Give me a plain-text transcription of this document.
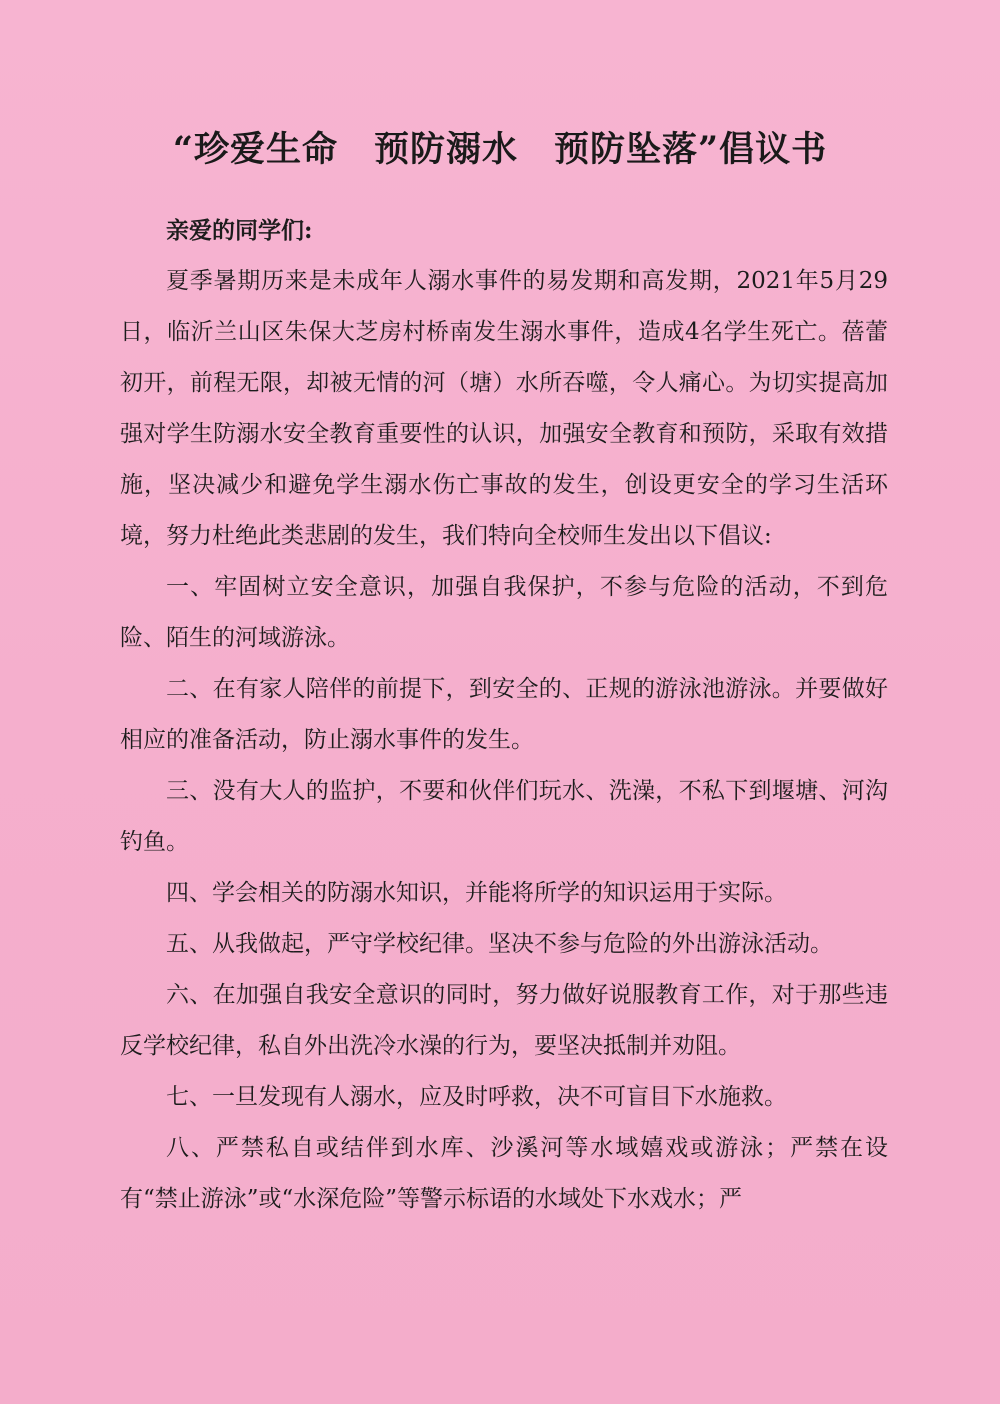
“珍爱生命　预防溺水　预防坠落”倡议书

亲爱的同学们:

夏季暑期历来是未成年人溺水事件的易发期和高发期，2021年5月29日，临沂兰山区朱保大芝房村桥南发生溺水事件，造成4名学生死亡。蓓蕾初开，前程无限，却被无情的河（塘）水所吞噬，令人痛心。为切实提高加强对学生防溺水安全教育重要性的认识，加强安全教育和预防，采取有效措施，坚决减少和避免学生溺水伤亡事故的发生，创设更安全的学习生活环境，努力杜绝此类悲剧的发生，我们特向全校师生发出以下倡议:

一、牢固树立安全意识，加强自我保护，不参与危险的活动，不到危险、陌生的河域游泳。

二、在有家人陪伴的前提下，到安全的、正规的游泳池游泳。并要做好相应的准备活动，防止溺水事件的发生。

三、没有大人的监护，不要和伙伴们玩水、洗澡，不私下到堰塘、河沟钓鱼。

四、学会相关的防溺水知识，并能将所学的知识运用于实际。

五、从我做起，严守学校纪律。坚决不参与危险的外出游泳活动。

六、在加强自我安全意识的同时，努力做好说服教育工作，对于那些违反学校纪律，私自外出洗冷水澡的行为，要坚决抵制并劝阻。

七、一旦发现有人溺水，应及时呼救，决不可盲目下水施救。

八、严禁私自或结伴到水库、沙溪河等水域嬉戏或游泳；严禁在设有“禁止游泳”或“水深危险”等警示标语的水域处下水戏水；严
